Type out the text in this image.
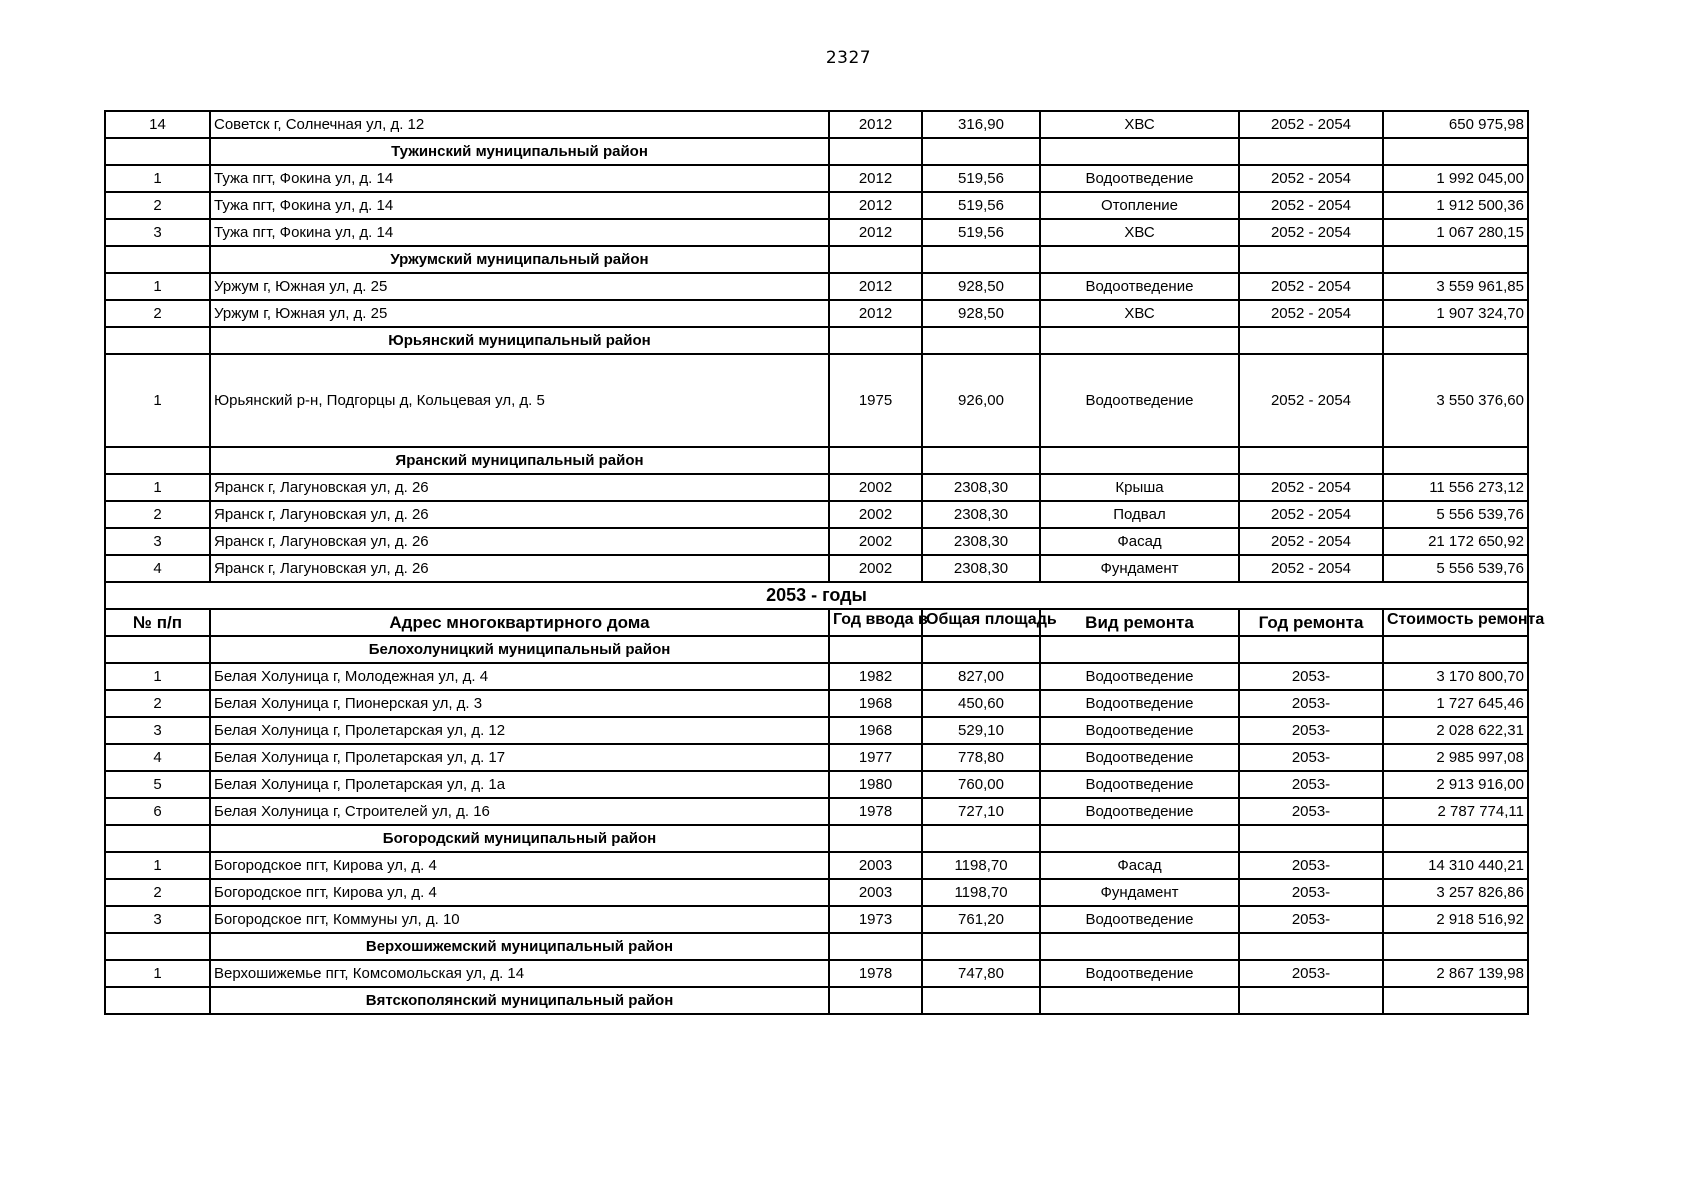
2327
14	Советск г, Солнечная ул, д. 12	2012	316,90	ХВС	2052 - 2054	650 975,98
	Тужинский муниципальный район					
1	Тужа пгт, Фокина ул, д. 14	2012	519,56	Водоотведение	2052 - 2054	1 992 045,00
2	Тужа пгт, Фокина ул, д. 14	2012	519,56	Отопление	2052 - 2054	1 912 500,36
3	Тужа пгт, Фокина ул, д. 14	2012	519,56	ХВС	2052 - 2054	1 067 280,15
	Уржумский муниципальный район					
1	Уржум г, Южная ул, д. 25	2012	928,50	Водоотведение	2052 - 2054	3 559 961,85
2	Уржум г, Южная ул, д. 25	2012	928,50	ХВС	2052 - 2054	1 907 324,70
	Юрьянский муниципальный район					
1	Юрьянский р-н, Подгорцы д, Кольцевая ул, д. 5	1975	926,00	Водоотведение	2052 - 2054	3 550 376,60
	Яранский муниципальный район					
1	Яранск г, Лагуновская ул, д. 26	2002	2308,30	Крыша	2052 - 2054	11 556 273,12
2	Яранск г, Лагуновская ул, д. 26	2002	2308,30	Подвал	2052 - 2054	5 556 539,76
3	Яранск г, Лагуновская ул, д. 26	2002	2308,30	Фасад	2052 - 2054	21 172 650,92
4	Яранск г, Лагуновская ул, д. 26	2002	2308,30	Фундамент	2052 - 2054	5 556 539,76
2053 - годы						
№ п/п	Адрес многоквартирного дома	Год ввода в	Общая площадь	Вид ремонта	Год ремонта	Стоимость ремонта

	Белохолуницкий муниципальный район					
1	Белая Холуница г, Молодежная ул, д. 4	1982	827,00	Водоотведение	2053-	3 170 800,70
2	Белая Холуница г, Пионерская ул, д. 3	1968	450,60	Водоотведение	2053-	1 727 645,46
3	Белая Холуница г, Пролетарская ул, д. 12	1968	529,10	Водоотведение	2053-	2 028 622,31
4	Белая Холуница г, Пролетарская ул, д. 17	1977	778,80	Водоотведение	2053-	2 985 997,08
5	Белая Холуница г, Пролетарская ул, д. 1а	1980	760,00	Водоотведение	2053-	2 913 916,00
6	Белая Холуница г, Строителей ул, д. 16	1978	727,10	Водоотведение	2053-	2 787 774,11
	Богородский муниципальный район					
1	Богородское пгт, Кирова ул, д. 4	2003	1198,70	Фасад	2053-	14 310 440,21
2	Богородское пгт, Кирова ул, д. 4	2003	1198,70	Фундамент	2053-	3 257 826,86
3	Богородское пгт, Коммуны ул, д. 10	1973	761,20	Водоотведение	2053-	2 918 516,92
	Верхошижемский муниципальный район					
1	Верхошижемье пгт, Комсомольская ул, д. 14	1978	747,80	Водоотведение	2053-	2 867 139,98
	Вятскополянский муниципальный район					
